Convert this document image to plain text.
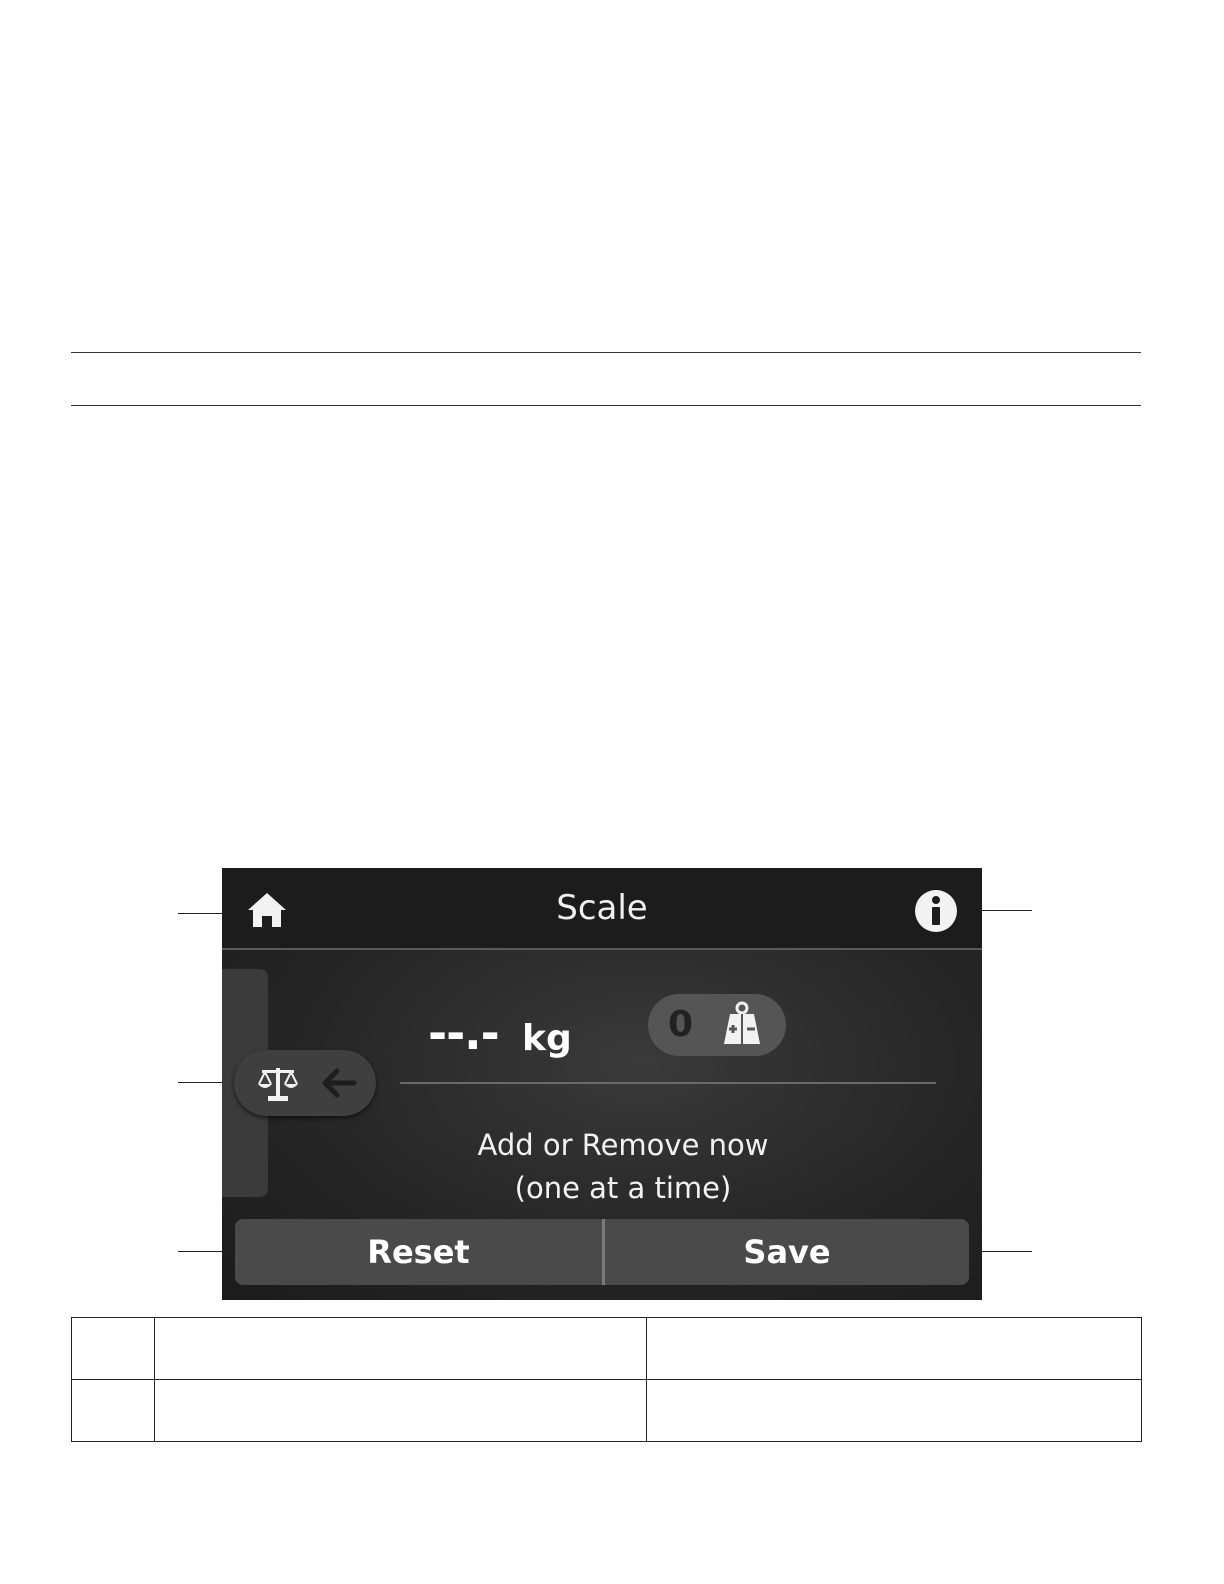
Scale
--.- kg	0
Add or Remove now
(one at a time)
Reset	Save
